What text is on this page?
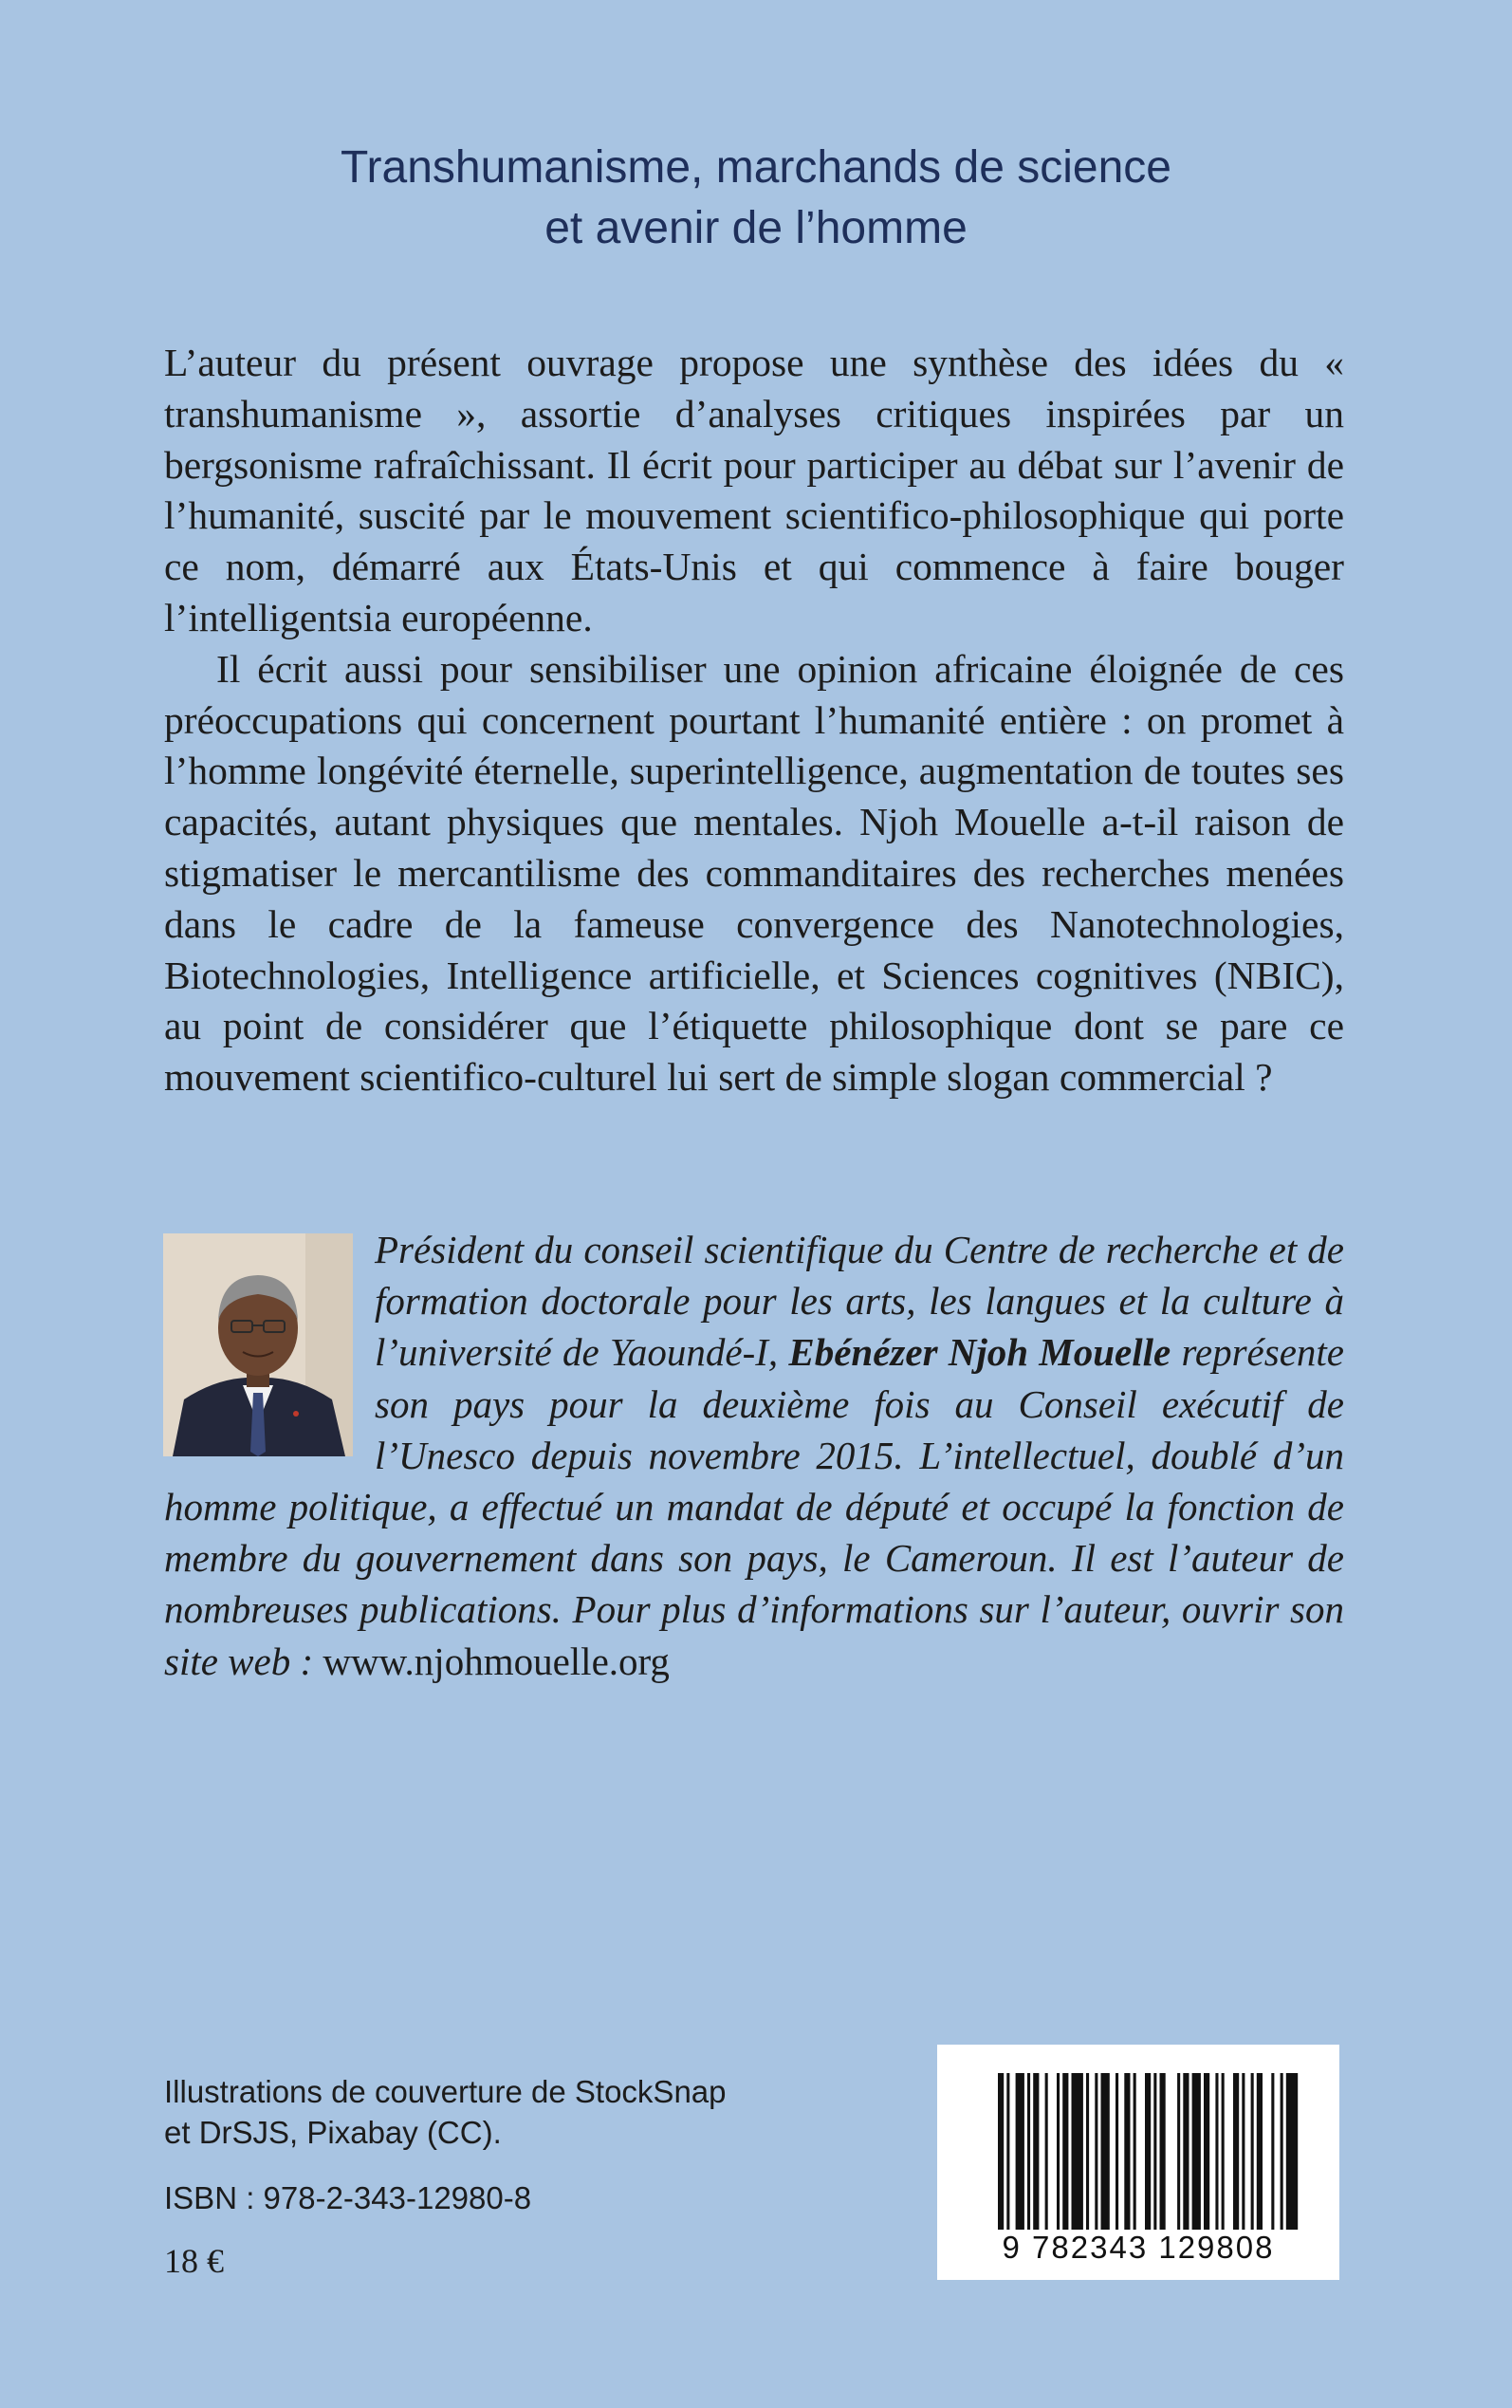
Transhumanisme, marchands de science
et avenir de l’homme

L’auteur du présent ouvrage propose une synthèse des idées du « transhumanisme », assortie d’analyses critiques inspirées par un bergsonisme rafraîchissant. Il écrit pour participer au débat sur l’avenir de l’humanité, suscité par le mouvement scientifico-philosophique qui porte ce nom, démarré aux États-Unis et qui commence à faire bouger l’intelligentsia européenne.

Il écrit aussi pour sensibiliser une opinion africaine éloignée de ces préoccupations qui concernent pourtant l’humanité entière : on promet à l’homme longévité éternelle, superintelligence, augmentation de toutes ses capacités, autant physiques que mentales. Njoh Mouelle a-t-il raison de stigmatiser le mercantilisme des commanditaires des recherches menées dans le cadre de la fameuse convergence des Nanotechnologies, Biotechnologies, Intelligence artificielle, et Sciences cognitives (NBIC), au point de considérer que l’étiquette philosophique dont se pare ce mouvement scientifico-culturel lui sert de simple slogan commercial ?

Président du conseil scientifique du Centre de recherche et de formation doctorale pour les arts, les langues et la culture à l’université de Yaoundé-I, Ebénézer Njoh Mouelle représente son pays pour la deuxième fois au Conseil exécutif de l’Unesco depuis novembre 2015. L’intellectuel, doublé d’un homme politique, a effectué un mandat de député et occupé la fonction de membre du gouvernement dans son pays, le Cameroun. Il est l’auteur de nombreuses publications. Pour plus d’informations sur l’auteur, ouvrir son site web : www.njohmouelle.org
Illustrations de couverture de StockSnap
et DrSJS, Pixabay (CC).
ISBN : 978-2-343-12980-8
18 €	9 782343 129808
